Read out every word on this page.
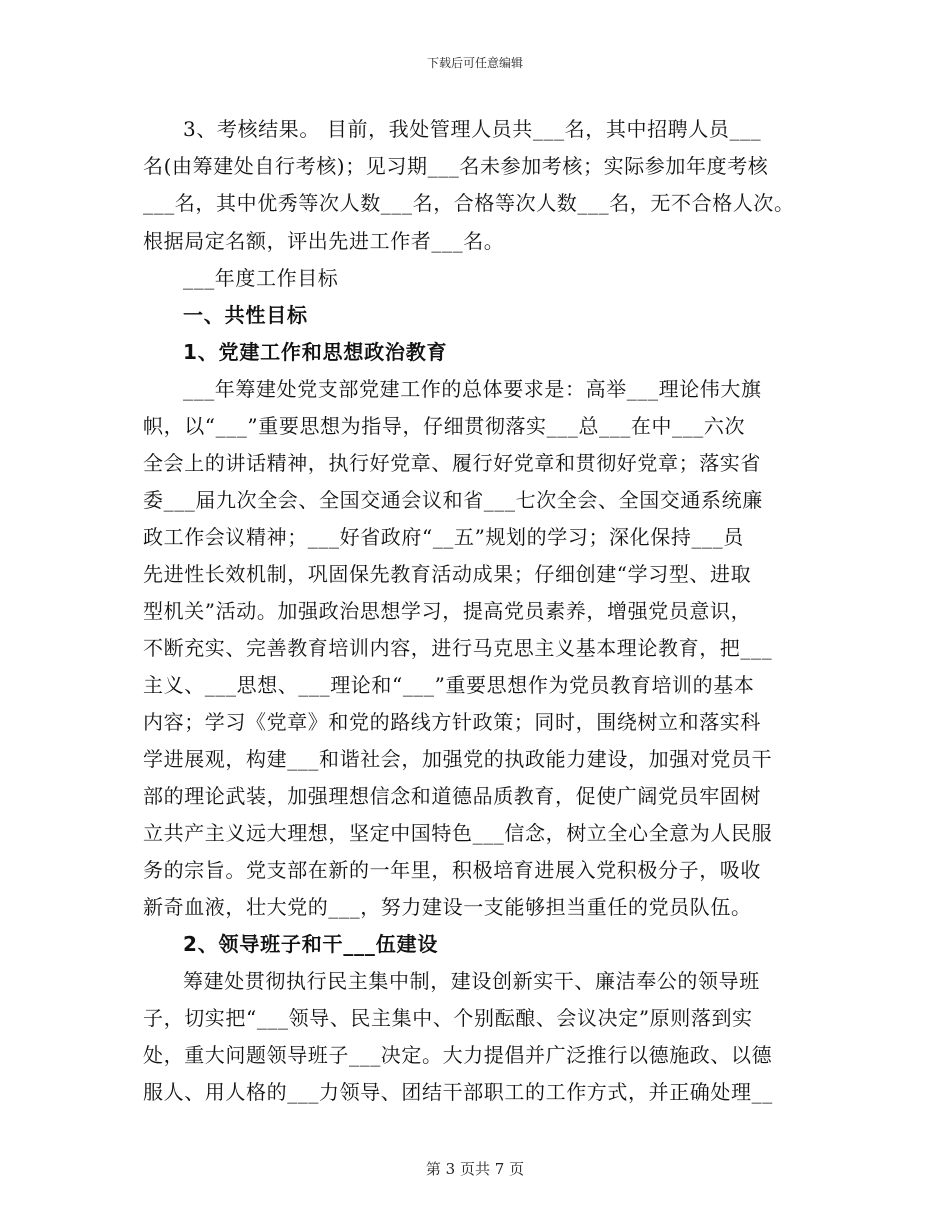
下载后可任意编辑
3、考核结果。 目前，我处管理人员共___名，其中招聘人员___
名(由筹建处自行考核)；见习期___名未参加考核；实际参加年度考核
___名，其中优秀等次人数___名，合格等次人数___名，无不合格人次。
根据局定名额，评出先进工作者___名。
___年度工作目标
一、共性目标
1、党建工作和思想政治教育
___年筹建处党支部党建工作的总体要求是：高举___理论伟大旗
帜，以“___”重要思想为指导，仔细贯彻落实___总___在中___六次
全会上的讲话精神，执行好党章、履行好党章和贯彻好党章；落实省
委___届九次全会、全国交通会议和省___七次全会、全国交通系统廉
政工作会议精神；___好省政府“__五”规划的学习；深化保持___员
先进性长效机制，巩固保先教育活动成果；仔细创建“学习型、进取
型机关”活动。加强政治思想学习，提高党员素养，增强党员意识，
不断充实、完善教育培训内容，进行马克思主义基本理论教育，把___
主义、___思想、___理论和“___”重要思想作为党员教育培训的基本
内容；学习《党章》和党的路线方针政策；同时，围绕树立和落实科
学进展观，构建___和谐社会，加强党的执政能力建设，加强对党员干
部的理论武装，加强理想信念和道德品质教育，促使广阔党员牢固树
立共产主义远大理想，坚定中国特色___信念，树立全心全意为人民服
务的宗旨。党支部在新的一年里，积极培育进展入党积极分子，吸收
新奇血液，壮大党的___，努力建设一支能够担当重任的党员队伍。
2、领导班子和干___伍建设
筹建处贯彻执行民主集中制，建设创新实干、廉洁奉公的领导班
子，切实把“___领导、民主集中、个别酝酿、会议决定”原则落到实
处，重大问题领导班子___决定。大力提倡并广泛推行以德施政、以德
服人、用人格的___力领导、团结干部职工的工作方式，并正确处理__
第 3 页共 7 页
